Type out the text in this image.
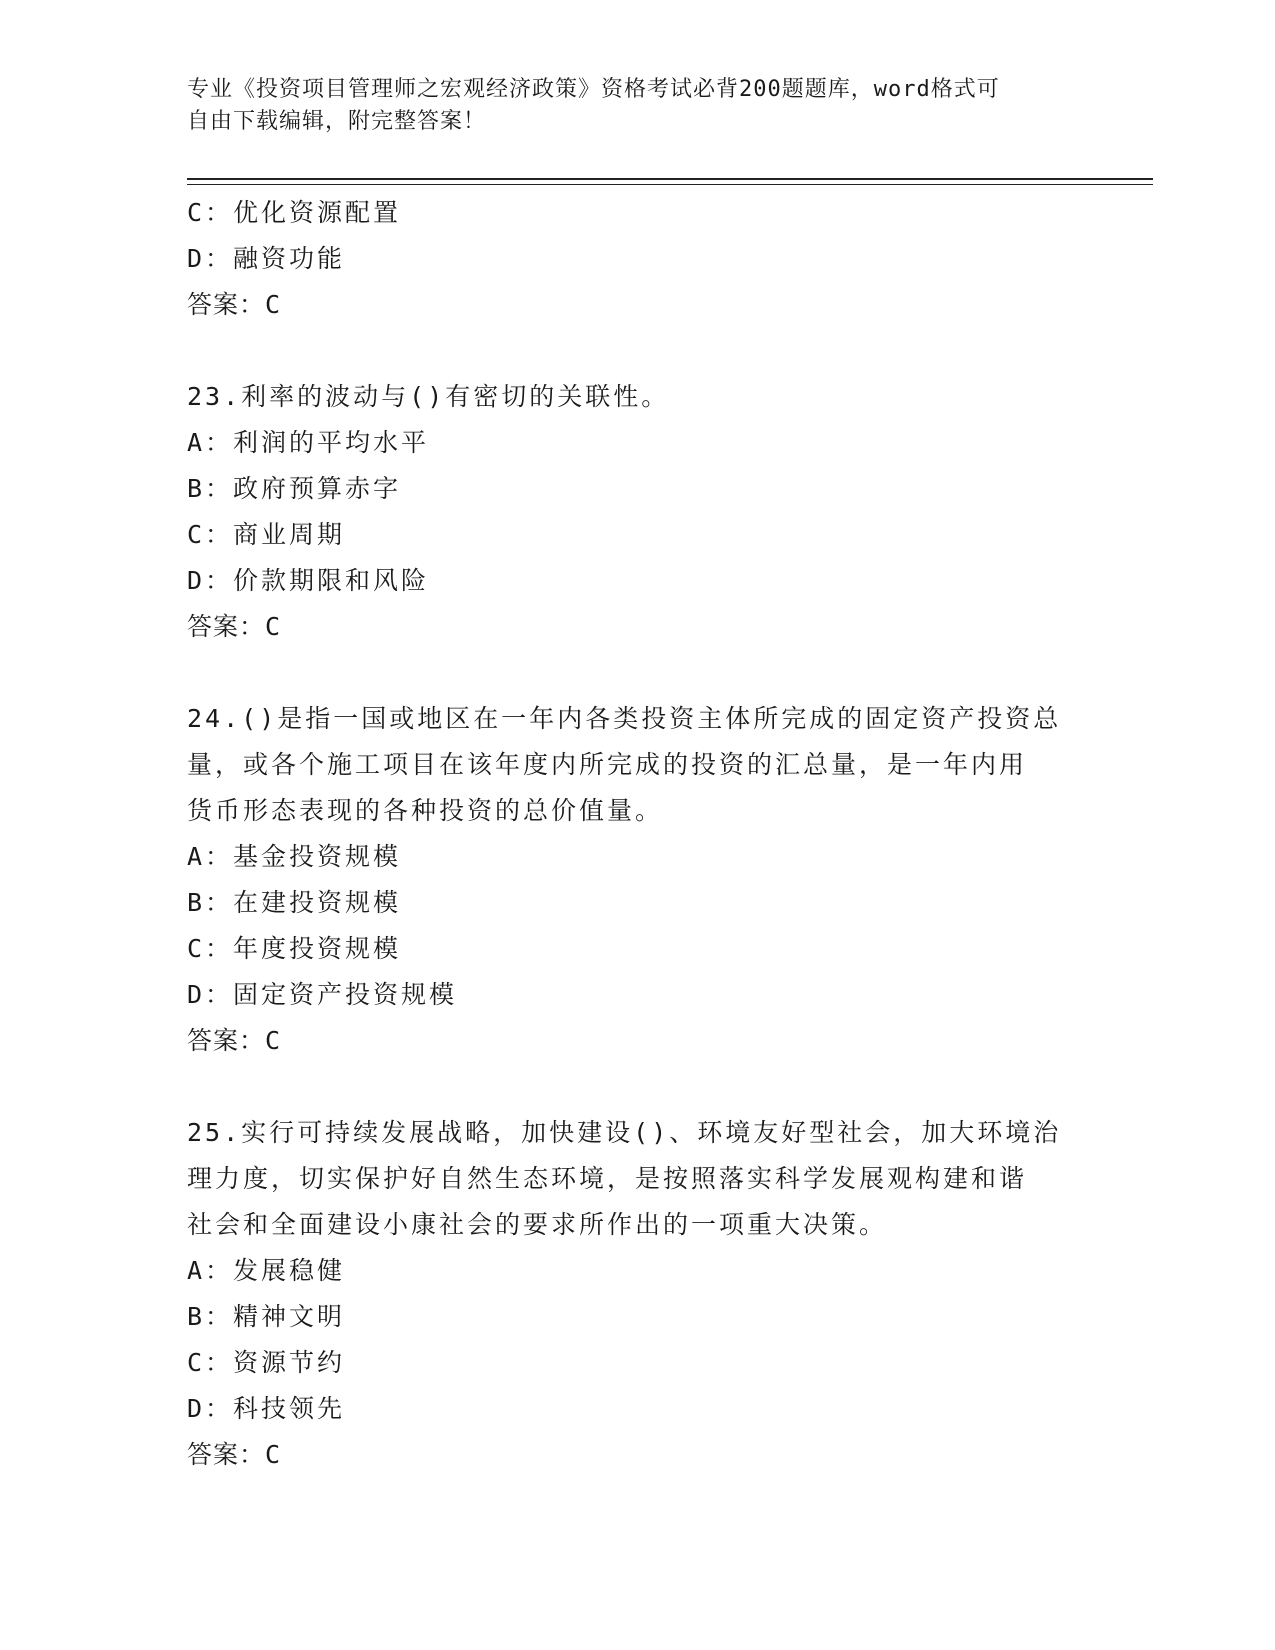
专业《投资项目管理师之宏观经济政策》资格考试必背200题题库，word格式可
自由下载编辑，附完整答案！
C：优化资源配置
D：融资功能
答案：C
23.利率的波动与()有密切的关联性。
A：利润的平均水平
B：政府预算赤字
C：商业周期
D：价款期限和风险
答案：C
24.()是指一国或地区在一年内各类投资主体所完成的固定资产投资总
量，或各个施工项目在该年度内所完成的投资的汇总量，是一年内用
货币形态表现的各种投资的总价值量。
A：基金投资规模
B：在建投资规模
C：年度投资规模
D：固定资产投资规模
答案：C
25.实行可持续发展战略，加快建设()、环境友好型社会，加大环境治
理力度，切实保护好自然生态环境，是按照落实科学发展观构建和谐
社会和全面建设小康社会的要求所作出的一项重大决策。
A：发展稳健
B：精神文明
C：资源节约
D：科技领先
答案：C
